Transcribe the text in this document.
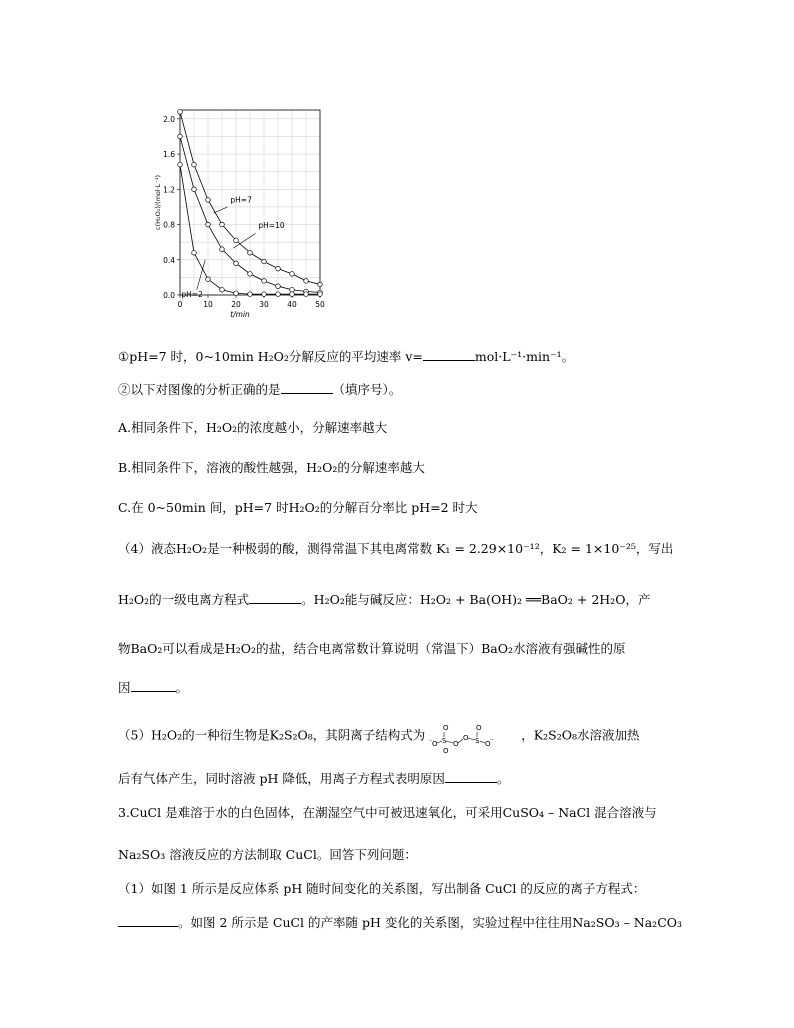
0.0
0.4
0.8
1.2
1.6
2.0
0	10 20 30 40 50
t/min
c(H₂O₂)/(mol·L⁻¹)	pH=7
pH=10
pH=2
①pH=7 时，0~10min H₂O₂分解反应的平均速率 v=	mol·L⁻¹·min⁻¹。
②以下对图像的分析正确的是	（填序号）。
A.相同条件下，H₂O₂的浓度越小，分解速率越大
B.相同条件下，溶液的酸性越强，H₂O₂的分解速率越大
C.在 0~50min 间，pH=7 时H₂O₂的分解百分率比 pH=2 时大
（4）液态H₂O₂是一种极弱的酸，测得常温下其电离常数 K₁ = 2.29×10⁻¹²，K₂ = 1×10⁻²⁵，写出
H₂O₂的一级电离方程式	。H₂O₂能与碱反应：H₂O₂ + Ba(OH)₂ ══BaO₂ + 2H₂O，产
物BaO₂可以看成是H₂O₂的盐，结合电离常数计算说明（常温下）BaO₂水溶液有强碱性的原
因	。
（5）H₂O₂的一种衍生物是K₂S₂O₈，其阴离子结构式为 ⁻ O S
O
O
O
O S
O
O ⁻ ，K₂S₂O₈水溶液加热
后有气体产生，同时溶液 pH 降低，用离子方程式表明原因	。
3.CuCl 是难溶于水的白色固体，在潮湿空气中可被迅速氧化，可采用CuSO₄ – NaCl 混合溶液与
Na₂SO₃ 溶液反应的方法制取 CuCl。回答下列问题：
（1）如图 1 所示是反应体系 pH 随时间变化的关系图，写出制备 CuCl 的反应的离子方程式：
。如图 2 所示是 CuCl 的产率随 pH 变化的关系图，实验过程中往往用Na₂SO₃ – Na₂CO₃
